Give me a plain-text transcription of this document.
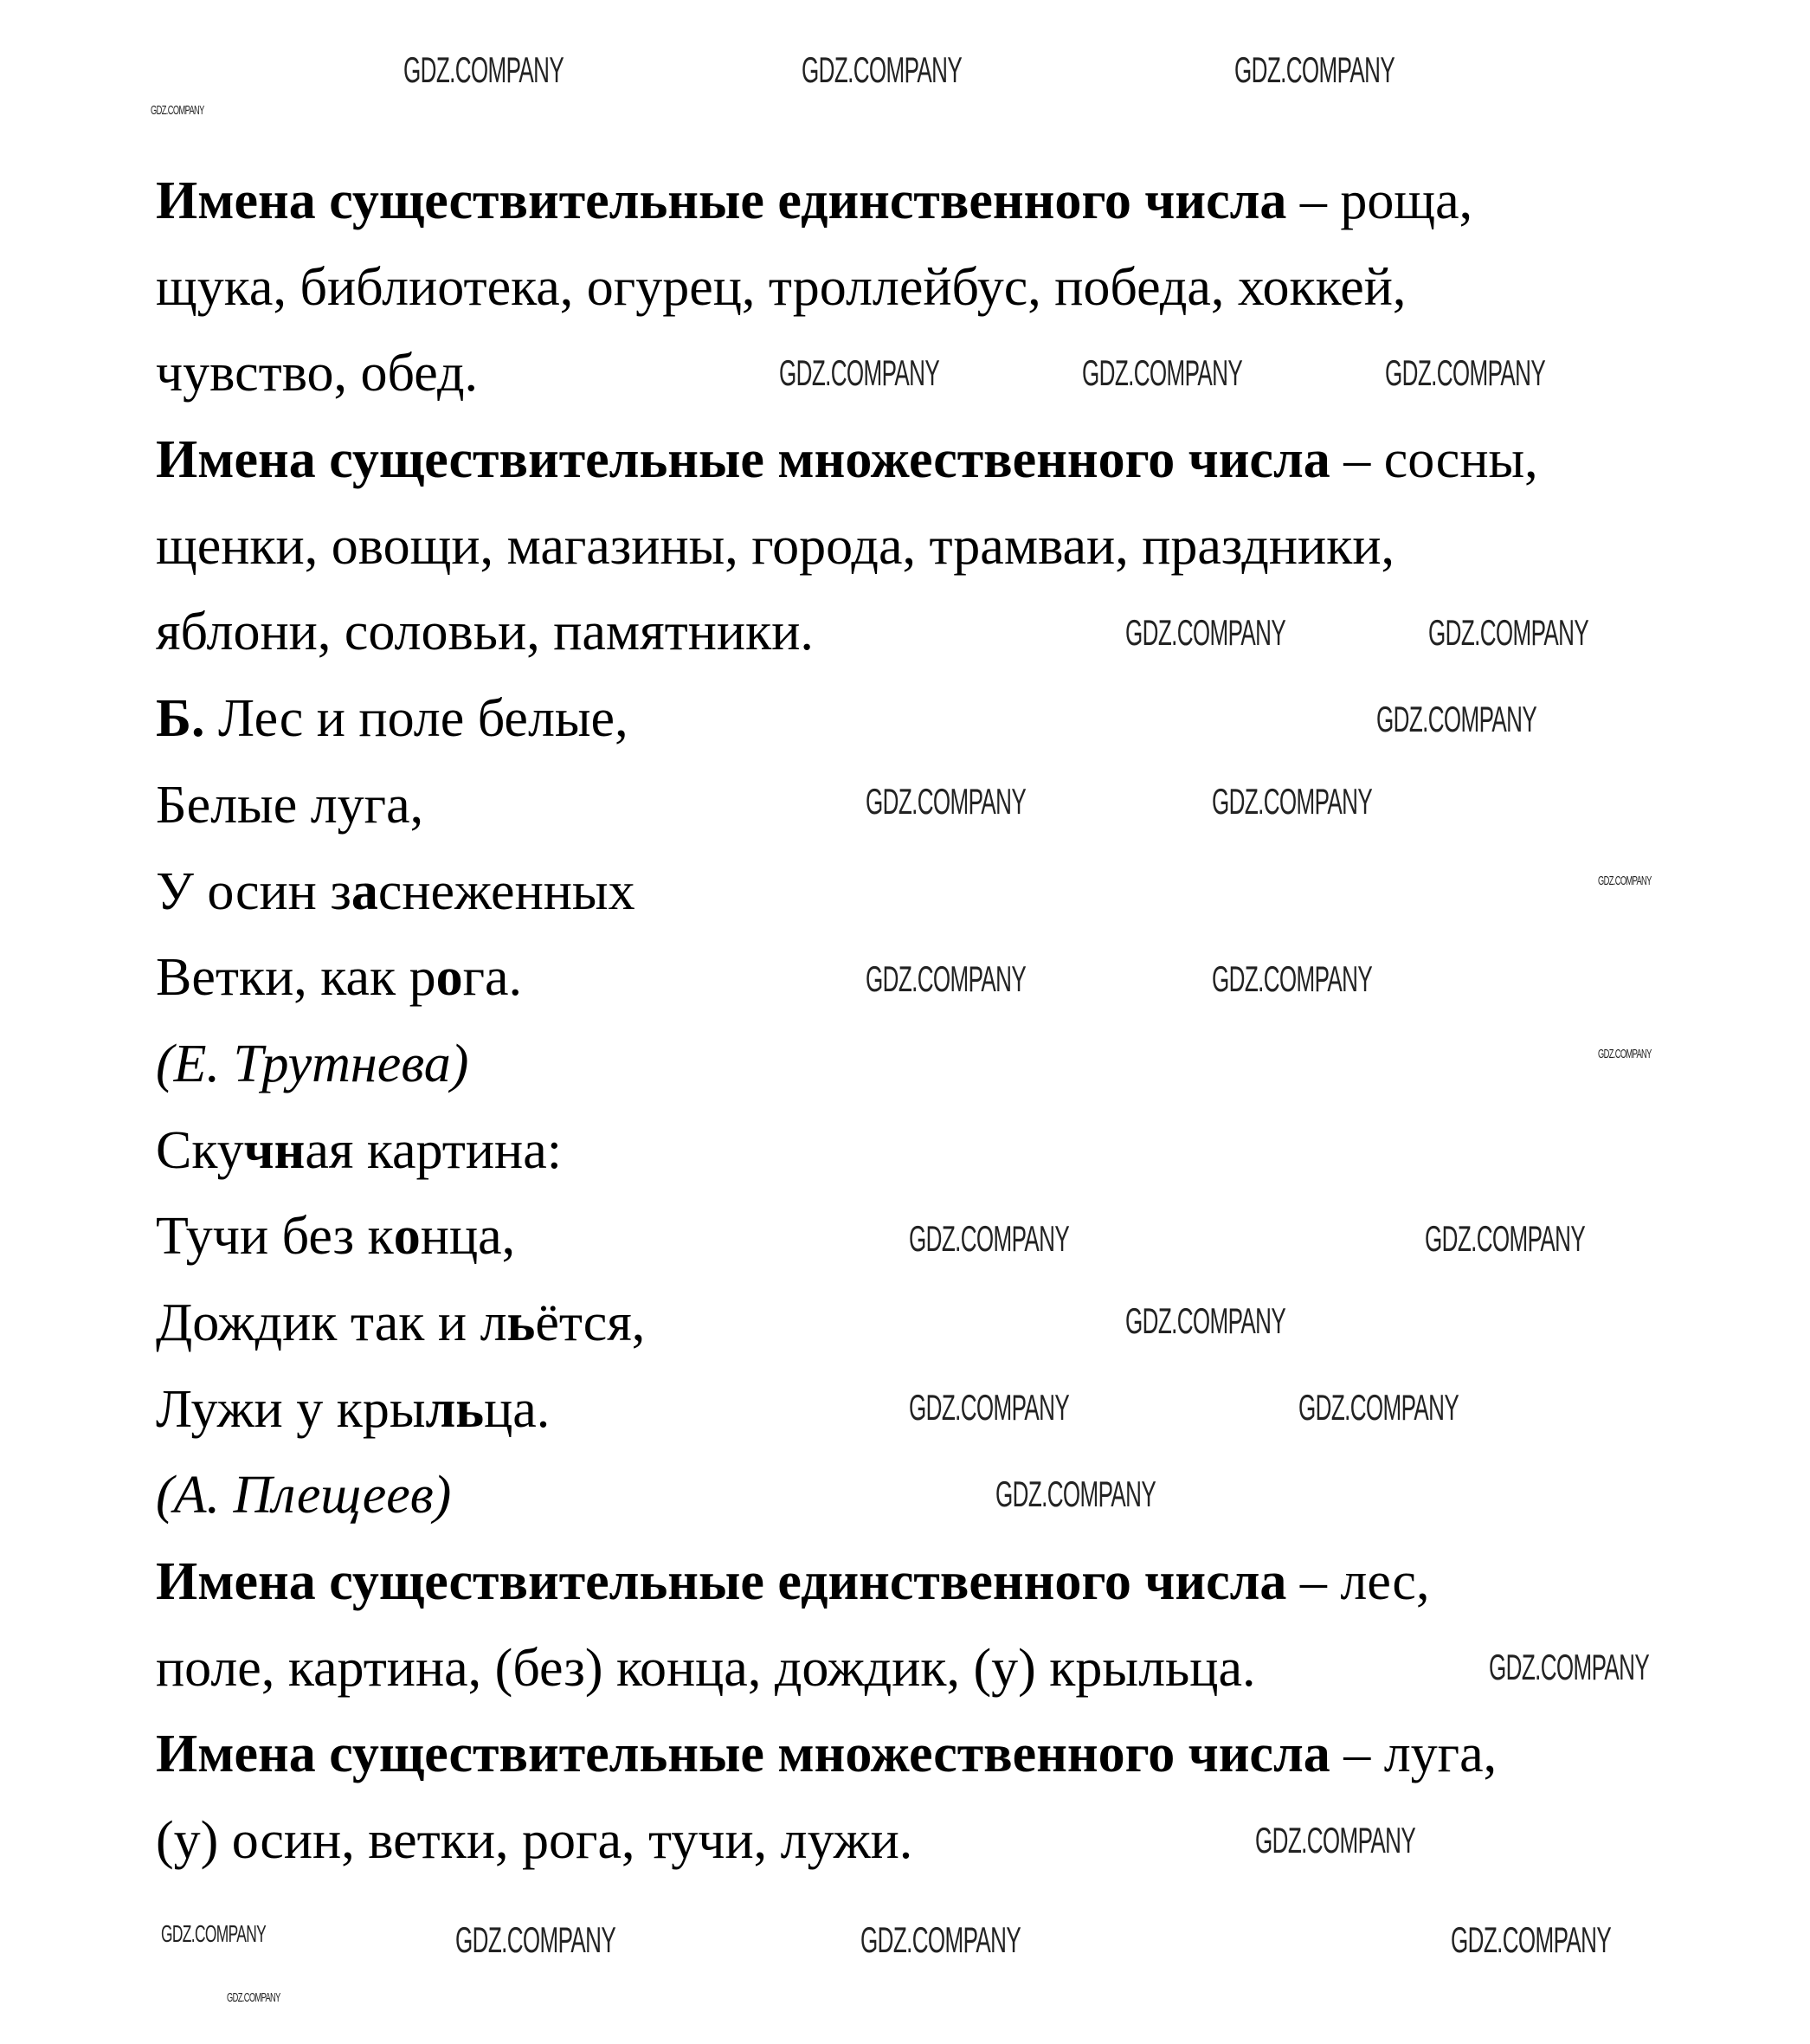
Имена существительные единственного числа – роща,
щука, библиотека, огурец, троллейбус, победа, хоккей,
чувство, обед.
Имена существительные множественного числа – сосны,
щенки, овощи, магазины, города, трамваи, праздники,
яблони, соловьи, памятники.
Б. Лес и поле белые,
Белые луга,
У осин заснеженных
Ветки, как рога.
(Е. Трутнева)
Скучная картина:
Тучи без конца,
Дождик так и льётся,
Лужи у крыльца.
(А. Плещеев)
Имена существительные единственного числа – лес,
поле, картина, (без) конца, дождик, (у) крыльца.
Имена существительные множественного числа – луга,
(у) осин, ветки, рога, тучи, лужи.
GDZ.COMPANY
GDZ.COMPANY	GDZ.COMPANY	GDZ.COMPANY
GDZ.COMPANY	GDZ.COMPANY	GDZ.COMPANY
GDZ.COMPANY	GDZ.COMPANY
GDZ.COMPANY
GDZ.COMPANY	GDZ.COMPANY
GDZ.COMPANY
GDZ.COMPANY	GDZ.COMPANY
GDZ.COMPANY
GDZ.COMPANY	GDZ.COMPANY
GDZ.COMPANY
GDZ.COMPANY	GDZ.COMPANY
GDZ.COMPANY
GDZ.COMPANY
GDZ.COMPANY
GDZ.COMPANY	GDZ.COMPANY	GDZ.COMPANY	GDZ.COMPANY
GDZ.COMPANY
